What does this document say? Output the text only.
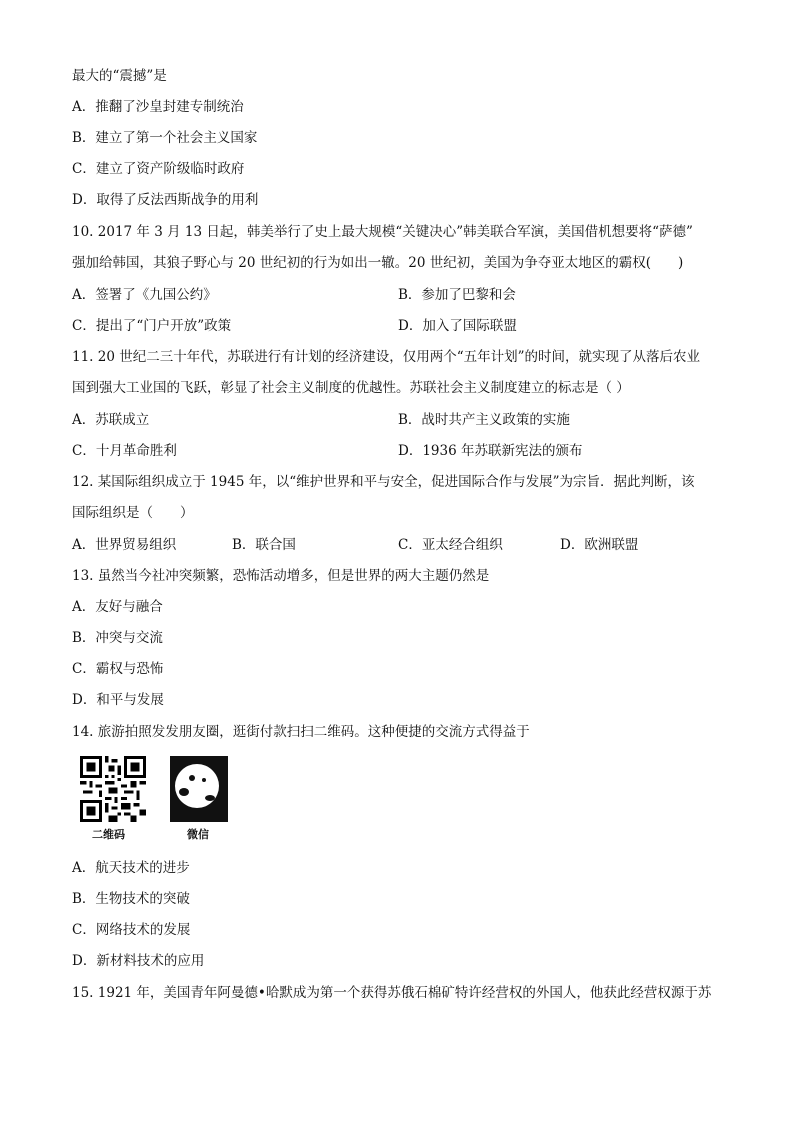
最大的“震撼”是
A．推翻了沙皇封建专制统治
B．建立了第一个社会主义国家
C．建立了资产阶级临时政府
D．取得了反法西斯战争的用利
10. 2017 年 3 月 13 日起，韩美举行了史上最大规模“关键决心”韩美联合军演，美国借机想要将“萨德”
强加给韩国，其狼子野心与 20 世纪初的行为如出一辙。20 世纪初，美国为争夺亚太地区的霸权(　　)
A．签署了《九国公约》	B．参加了巴黎和会
C．提出了“门户开放”政策	D．加入了国际联盟
11. 20 世纪二三十年代，苏联进行有计划的经济建设，仅用两个“五年计划”的时间，就实现了从落后农业
国到强大工业国的飞跃，彰显了社会主义制度的优越性。苏联社会主义制度建立的标志是（ ）
A．苏联成立	B．战时共产主义政策的实施
C．十月革命胜利	D．1936 年苏联新宪法的颁布
12. 某国际组织成立于 1945 年，以“维护世界和平与安全，促进国际合作与发展”为宗旨．据此判断，该
国际组织是（　　）
A．世界贸易组织	B．联合国	C．亚太经合组织	D．欧洲联盟
13. 虽然当今社冲突频繁，恐怖活动增多，但是世界的两大主题仍然是
A．友好与融合
B．冲突与交流
C．霸权与恐怖
D．和平与发展
14. 旅游拍照发发朋友圈，逛街付款扫扫二维码。这种便捷的交流方式得益于
二维码	微信
A．航天技术的进步
B．生物技术的突破
C．网络技术的发展
D．新材料技术的应用
15. 1921 年，美国青年阿曼德•哈默成为第一个获得苏俄石棉矿特许经营权的外国人，他获此经营权源于苏
